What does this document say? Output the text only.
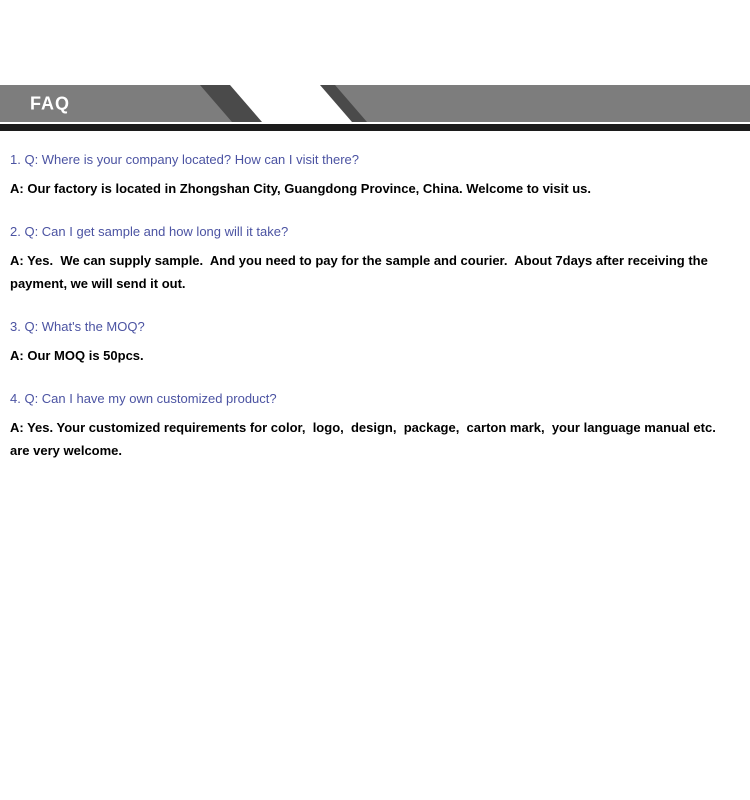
FAQ

1. Q: Where is your company located? How can I visit there?

A: Our factory is located in Zhongshan City, Guangdong Province, China. Welcome to visit us.

2. Q: Can I get sample and how long will it take?

A: Yes.  We can supply sample.  And you need to pay for the sample and courier.  About 7days after receiving the payment, we will send it out.

3. Q: What's the MOQ?

A: Our MOQ is 50pcs.

4. Q: Can I have my own customized product?

A: Yes. Your customized requirements for color,  logo,  design,  package,  carton mark,  your language manual etc. are very welcome.
